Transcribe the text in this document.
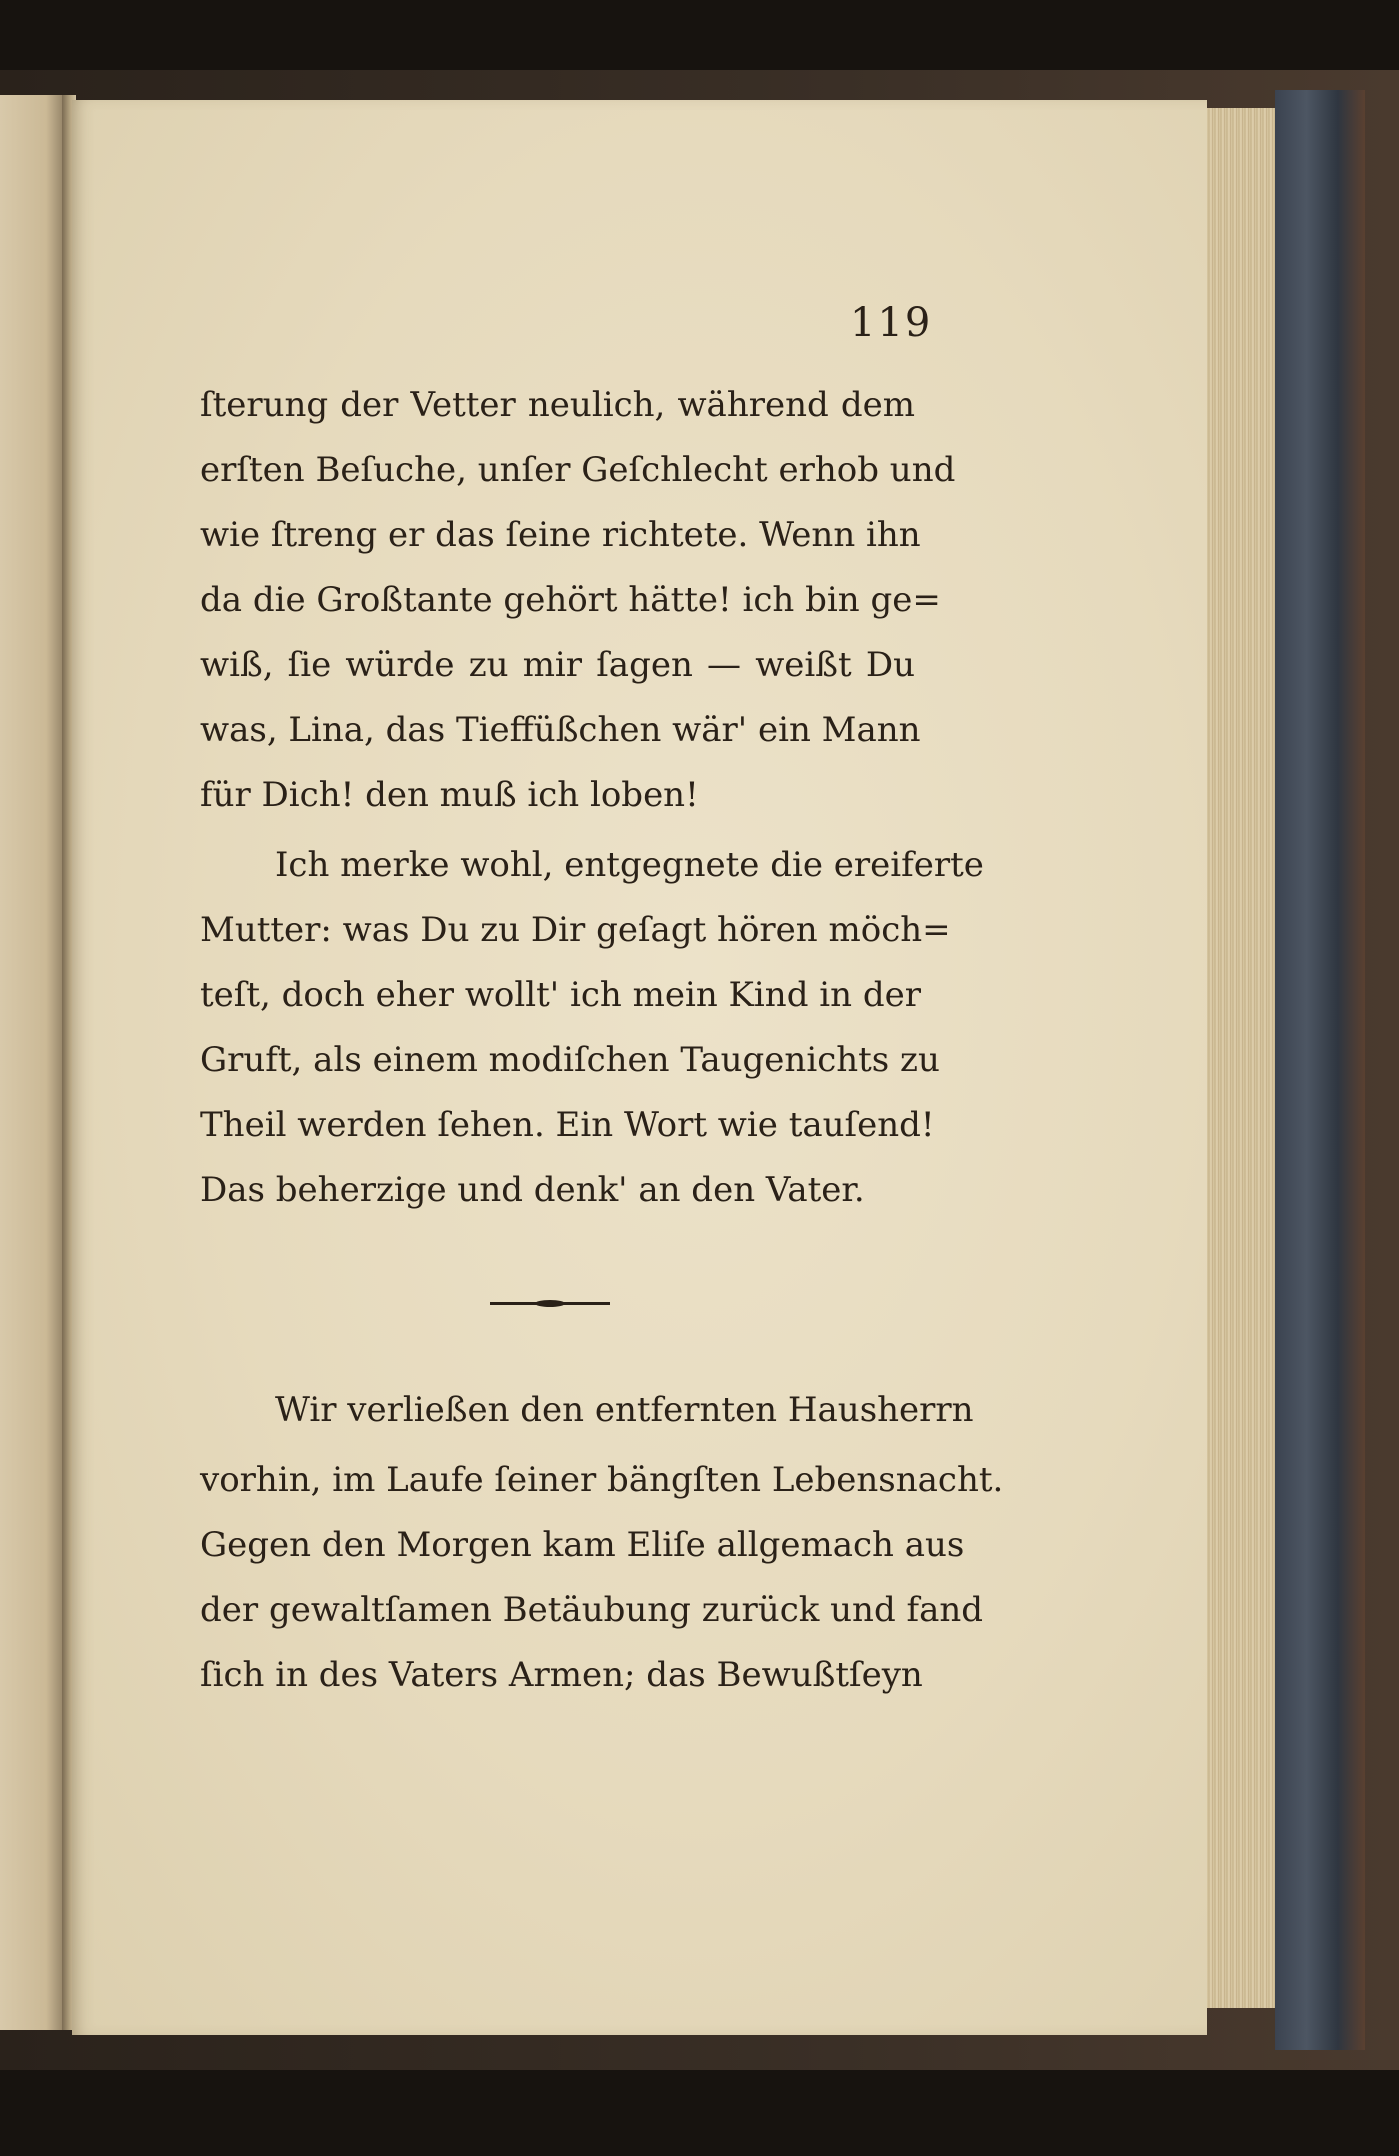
119
ſterung der Vetter neulich, während dem
erſten Beſuche, unſer Geſchlecht erhob und
wie ſtreng er das ſeine richtete. Wenn ihn
da die Großtante gehört hätte! ich bin ge=
wiß, ſie würde zu mir ſagen — weißt Du
was, Lina, das Tieffüßchen wär' ein Mann
für Dich! den muß ich loben!
Ich merke wohl, entgegnete die ereiferte
Mutter: was Du zu Dir geſagt hören möch=
teſt, doch eher wollt' ich mein Kind in der
Gruft, als einem modiſchen Taugenichts zu
Theil werden ſehen. Ein Wort wie tauſend!
Das beherzige und denk' an den Vater.
Wir verließen den entfernten Hausherrn
vorhin, im Laufe ſeiner bängſten Lebensnacht.
Gegen den Morgen kam Eliſe allgemach aus
der gewaltſamen Betäubung zurück und fand
ſich in des Vaters Armen; das Bewußtſeyn
